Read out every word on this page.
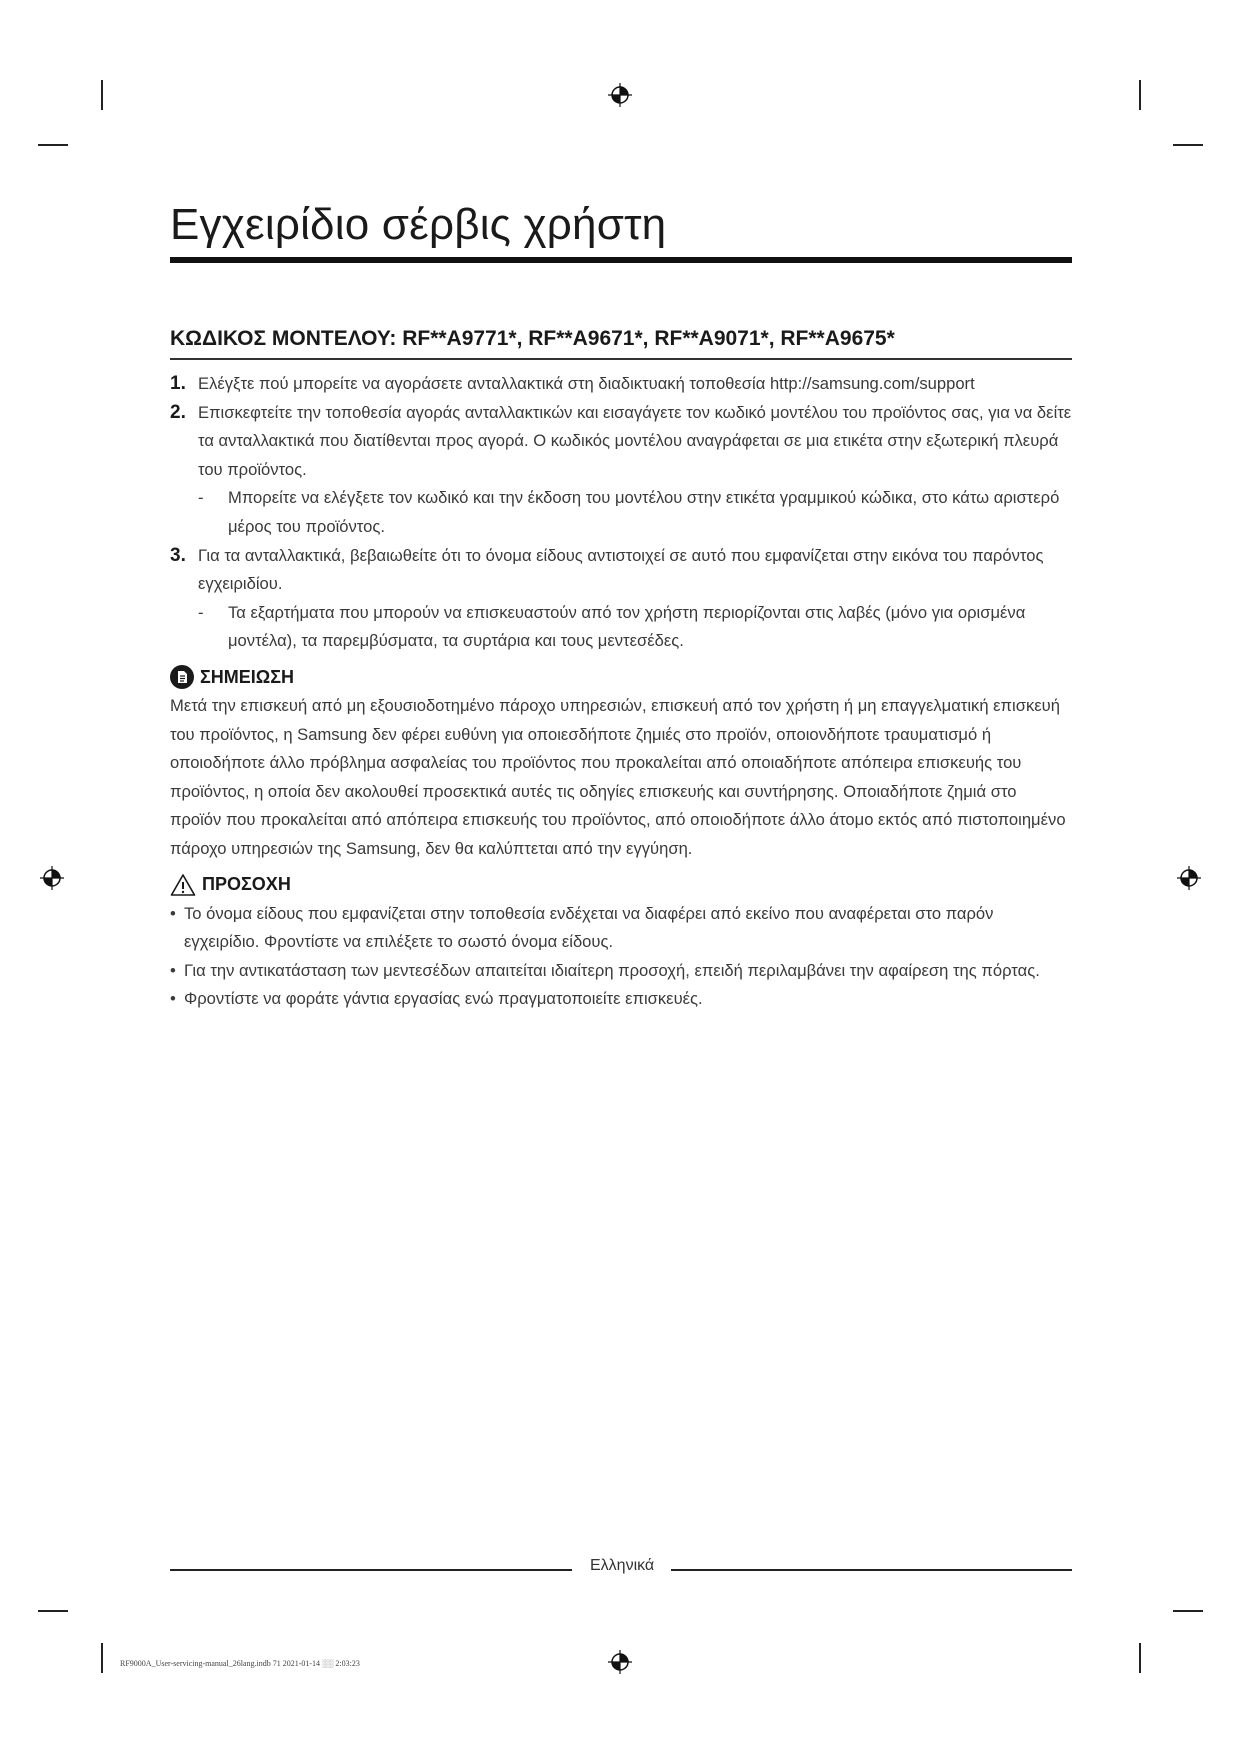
Εγχειρίδιο σέρβις χρήστη
ΚΩΔΙΚΟΣ ΜΟΝΤΕΛΟΥ: RF**A9771*, RF**A9671*, RF**A9071*, RF**A9675*
1. Ελέγξτε πού μπορείτε να αγοράσετε ανταλλακτικά στη διαδικτυακή τοποθεσία http://samsung.com/support
2. Επισκεφτείτε την τοποθεσία αγοράς ανταλλακτικών και εισαγάγετε τον κωδικό μοντέλου του προϊόντος σας, για να δείτε τα ανταλλακτικά που διατίθενται προς αγορά. Ο κωδικός μοντέλου αναγράφεται σε μια ετικέτα στην εξωτερική πλευρά του προϊόντος.
- Μπορείτε να ελέγξετε τον κωδικό και την έκδοση του μοντέλου στην ετικέτα γραμμικού κώδικα, στο κάτω αριστερό μέρος του προϊόντος.
3. Για τα ανταλλακτικά, βεβαιωθείτε ότι το όνομα είδους αντιστοιχεί σε αυτό που εμφανίζεται στην εικόνα του παρόντος εγχειριδίου.
- Τα εξαρτήματα που μπορούν να επισκευαστούν από τον χρήστη περιορίζονται στις λαβές (μόνο για ορισμένα μοντέλα), τα παρεμβύσματα, τα συρτάρια και τους μεντεσέδες.
ΣΗΜΕΙΩΣΗ
Μετά την επισκευή από μη εξουσιοδοτημένο πάροχο υπηρεσιών, επισκευή από τον χρήστη ή μη επαγγελματική επισκευή του προϊόντος, η Samsung δεν φέρει ευθύνη για οποιεσδήποτε ζημιές στο προϊόν, οποιονδήποτε τραυματισμό ή οποιοδήποτε άλλο πρόβλημα ασφαλείας του προϊόντος που προκαλείται από οποιαδήποτε απόπειρα επισκευής του προϊόντος, η οποία δεν ακολουθεί προσεκτικά αυτές τις οδηγίες επισκευής και συντήρησης. Οποιαδήποτε ζημιά στο προϊόν που προκαλείται από απόπειρα επισκευής του προϊόντος, από οποιοδήποτε άλλο άτομο εκτός από πιστοποιημένο πάροχο υπηρεσιών της Samsung, δεν θα καλύπτεται από την εγγύηση.
ΠΡΟΣΟΧΗ
• Το όνομα είδους που εμφανίζεται στην τοποθεσία ενδέχεται να διαφέρει από εκείνο που αναφέρεται στο παρόν εγχειρίδιο. Φροντίστε να επιλέξετε το σωστό όνομα είδους.
• Για την αντικατάσταση των μεντεσέδων απαιτείται ιδιαίτερη προσοχή, επειδή περιλαμβάνει την αφαίρεση της πόρτας.
• Φροντίστε να φοράτε γάντια εργασίας ενώ πραγματοποιείτε επισκευές.
Ελληνικά
RF9000A_User-servicing-manual_26lang.indb 71 2021-01-14 ░░ 2:03:23
